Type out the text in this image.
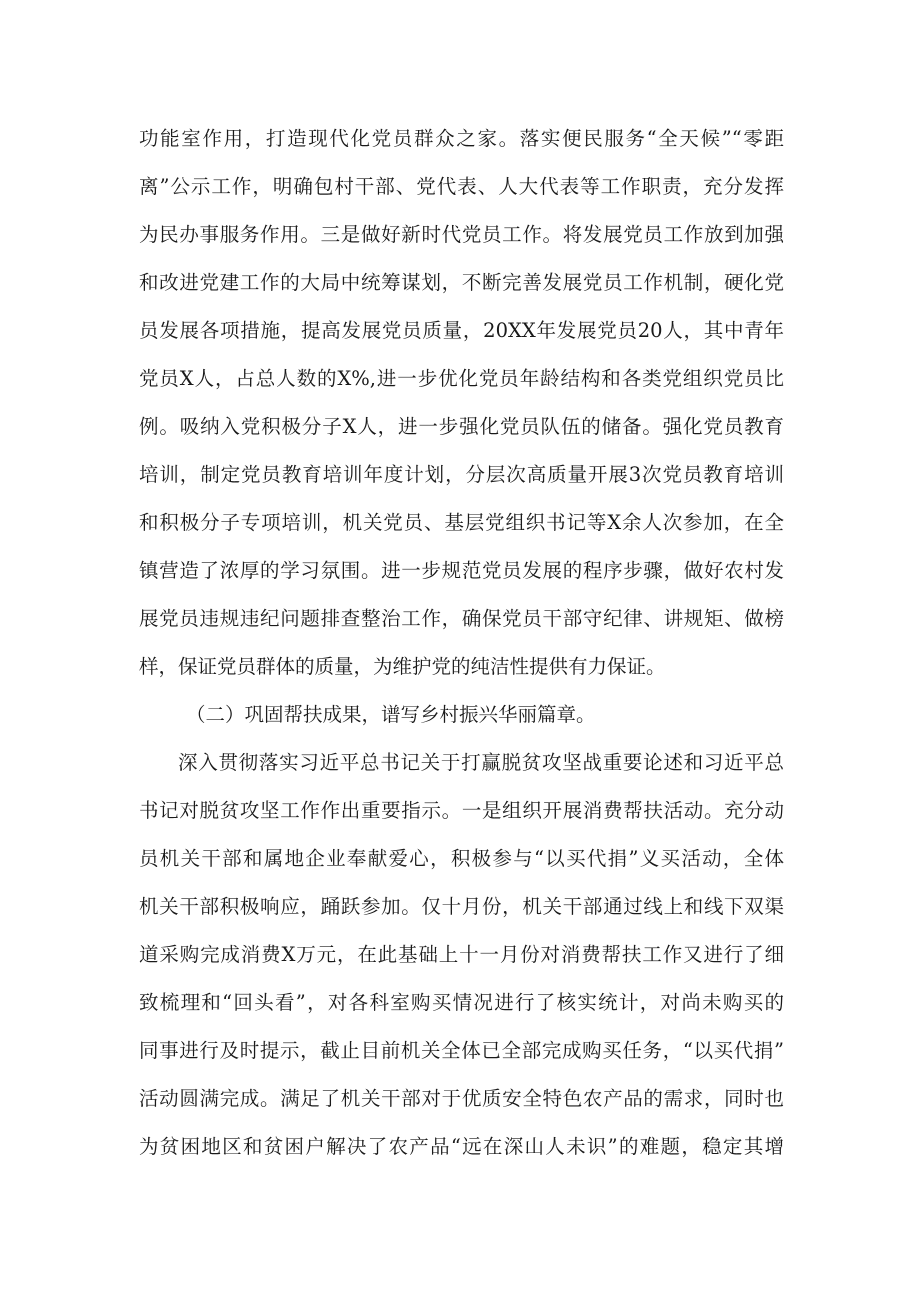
功能室作用，打造现代化党员群众之家。落实便民服务“全天候”“零距
离”公示工作，明确包村干部、党代表、人大代表等工作职责，充分发挥
为民办事服务作用。三是做好新时代党员工作。将发展党员工作放到加强
和改进党建工作的大局中统筹谋划，不断完善发展党员工作机制，硬化党
员发展各项措施，提高发展党员质量，20XX年发展党员20人，其中青年
党员X人，占总人数的X%,进一步优化党员年龄结构和各类党组织党员比
例。吸纳入党积极分子X人，进一步强化党员队伍的储备。强化党员教育
培训，制定党员教育培训年度计划，分层次高质量开展3次党员教育培训
和积极分子专项培训，机关党员、基层党组织书记等X余人次参加，在全
镇营造了浓厚的学习氛围。进一步规范党员发展的程序步骤，做好农村发
展党员违规违纪问题排查整治工作，确保党员干部守纪律、讲规矩、做榜
样，保证党员群体的质量，为维护党的纯洁性提供有力保证。
（二）巩固帮扶成果，谱写乡村振兴华丽篇章。
深入贯彻落实习近平总书记关于打赢脱贫攻坚战重要论述和习近平总
书记对脱贫攻坚工作作出重要指示。一是组织开展消费帮扶活动。充分动
员机关干部和属地企业奉献爱心，积极参与“以买代捐”义买活动，全体
机关干部积极响应，踊跃参加。仅十月份，机关干部通过线上和线下双渠
道采购完成消费X万元，在此基础上十一月份对消费帮扶工作又进行了细
致梳理和“回头看”，对各科室购买情况进行了核实统计，对尚未购买的
同事进行及时提示，截止目前机关全体已全部完成购买任务，“以买代捐”
活动圆满完成。满足了机关干部对于优质安全特色农产品的需求，同时也
为贫困地区和贫困户解决了农产品“远在深山人未识”的难题，稳定其增
